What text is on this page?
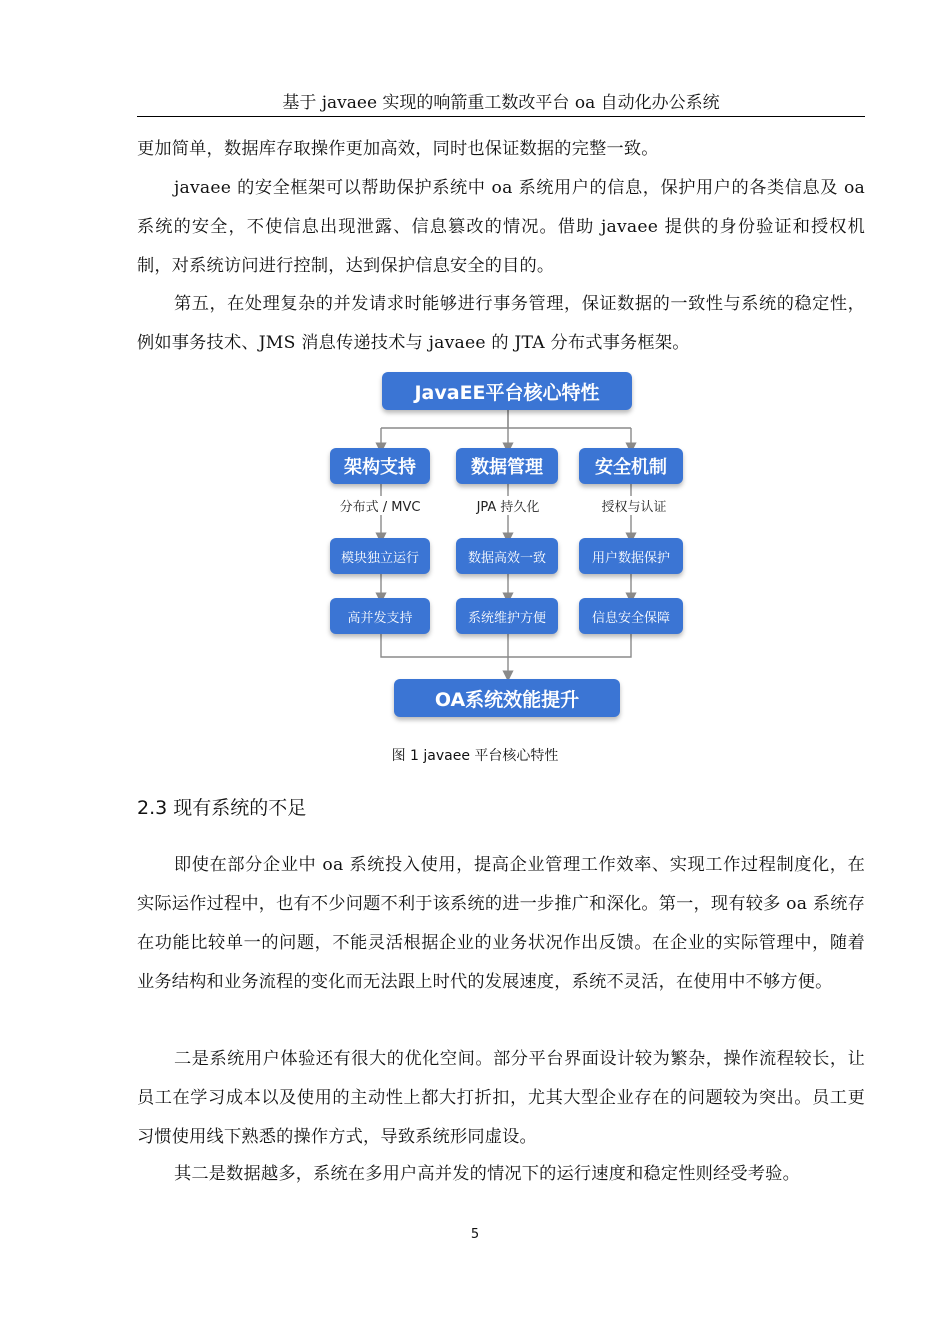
基于 javaee 实现的响箭重工数改平台 oa 自动化办公系统

更加简单，数据库存取操作更加高效，同时也保证数据的完整一致。

javaee 的安全框架可以帮助保护系统中 oa 系统用户的信息，保护用户的各类信息及 oa 系统的安全，不使信息出现泄露、信息篡改的情况。借助 javaee 提供的身份验证和授权机制，对系统访问进行控制，达到保护信息安全的目的。

第五，在处理复杂的并发请求时能够进行事务管理，保证数据的一致性与系统的稳定性，例如事务技术、JMS 消息传递技术与 javaee 的 JTA 分布式事务框架。

JavaEE平台核心特性
架构支持	数据管理	安全机制
分布式 / MVC	JPA 持久化	授权与认证
模块独立运行	数据高效一致	用户数据保护
高并发支持	系统维护方便	信息安全保障
OA系统效能提升
图 1 javaee 平台核心特性
2.3 现有系统的不足

即使在部分企业中 oa 系统投入使用，提高企业管理工作效率、实现工作过程制度化，在实际运作过程中，也有不少问题不利于该系统的进一步推广和深化。第一，现有较多 oa 系统存在功能比较单一的问题，不能灵活根据企业的业务状况作出反馈。在企业的实际管理中，随着业务结构和业务流程的变化而无法跟上时代的发展速度，系统不灵活，在使用中不够方便。

二是系统用户体验还有很大的优化空间。部分平台界面设计较为繁杂，操作流程较长，让员工在学习成本以及使用的主动性上都大打折扣，尤其大型企业存在的问题较为突出。员工更习惯使用线下熟悉的操作方式，导致系统形同虚设。

其二是数据越多，系统在多用户高并发的情况下的运行速度和稳定性则经受考验。

5
